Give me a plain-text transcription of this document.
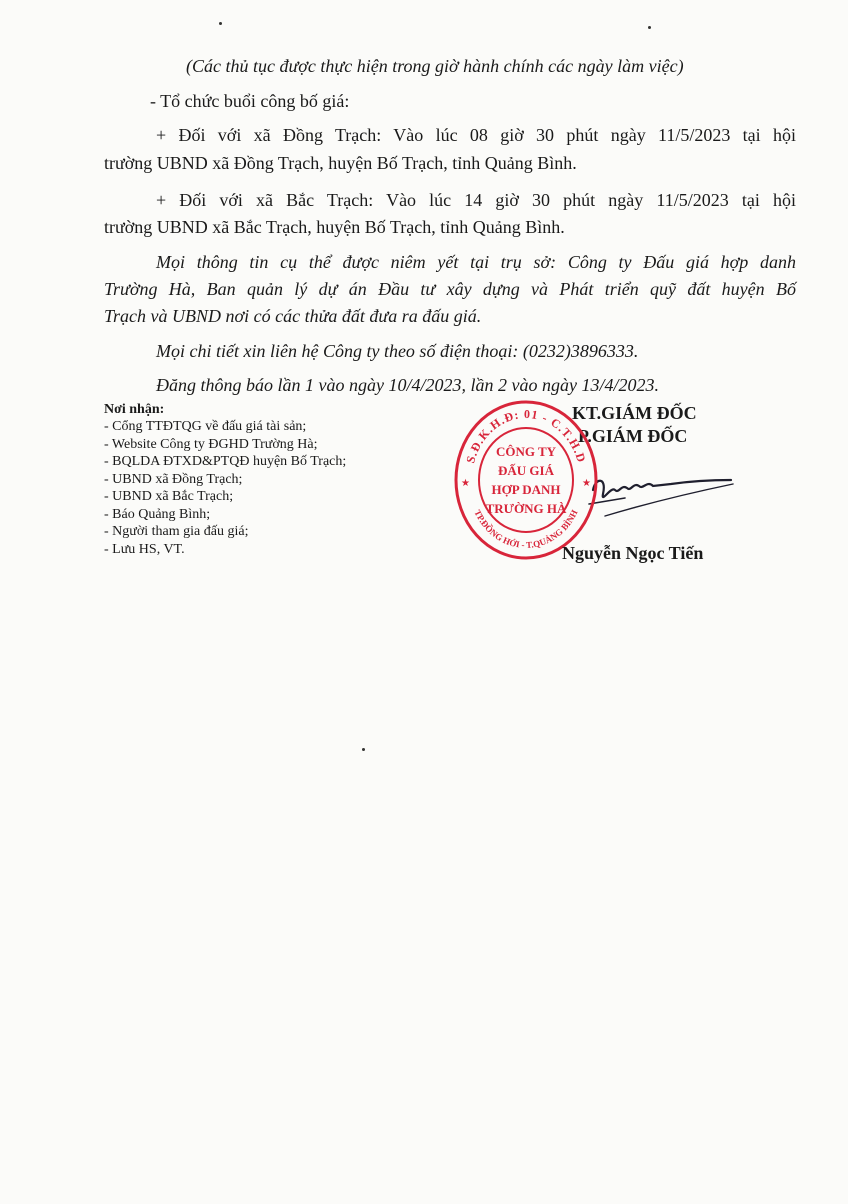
(Các thủ tục được thực hiện trong giờ hành chính các ngày làm việc)
- Tổ chức buổi công bố giá:
+ Đối với xã Đồng Trạch: Vào lúc 08 giờ 30 phút ngày 11/5/2023 tại hội
trường UBND xã Đồng Trạch, huyện Bố Trạch, tỉnh Quảng Bình.
+ Đối với xã Bắc Trạch: Vào lúc 14 giờ 30 phút ngày 11/5/2023 tại hội
trường UBND xã Bắc Trạch, huyện Bố Trạch, tỉnh Quảng Bình.
Mọi thông tin cụ thể được niêm yết tại trụ sở: Công ty Đấu giá hợp danh
Trường Hà, Ban quản lý dự án Đầu tư xây dựng và Phát triển quỹ đất huyện Bố
Trạch và UBND nơi có các thửa đất đưa ra đấu giá.
Mọi chi tiết xin liên hệ Công ty theo số điện thoại: (0232)3896333.
Đăng thông báo lần 1 vào ngày 10/4/2023, lần 2 vào ngày 13/4/2023.
Nơi nhận:
- Cổng TTĐTQG về đấu giá tài sản;
- Website Công ty ĐGHD Trường Hà;
- BQLDA ĐTXD&PTQĐ huyện Bố Trạch;
- UBND xã Đồng Trạch;
- UBND xã Bắc Trạch;
- Báo Quảng Bình;
- Người tham gia đấu giá;
- Lưu HS, VT.
KT.GIÁM ĐỐC
P.GIÁM ĐỐC
S.Đ.K.H.Đ: 01 - C.T.H.D
TP.ĐỒNG HỚI - T.QUẢNG BÌNH
★	★
CÔNG TY
ĐẤU GIÁ
HỢP DANH
TRƯỜNG HÀ
Nguyễn Ngọc Tiến
